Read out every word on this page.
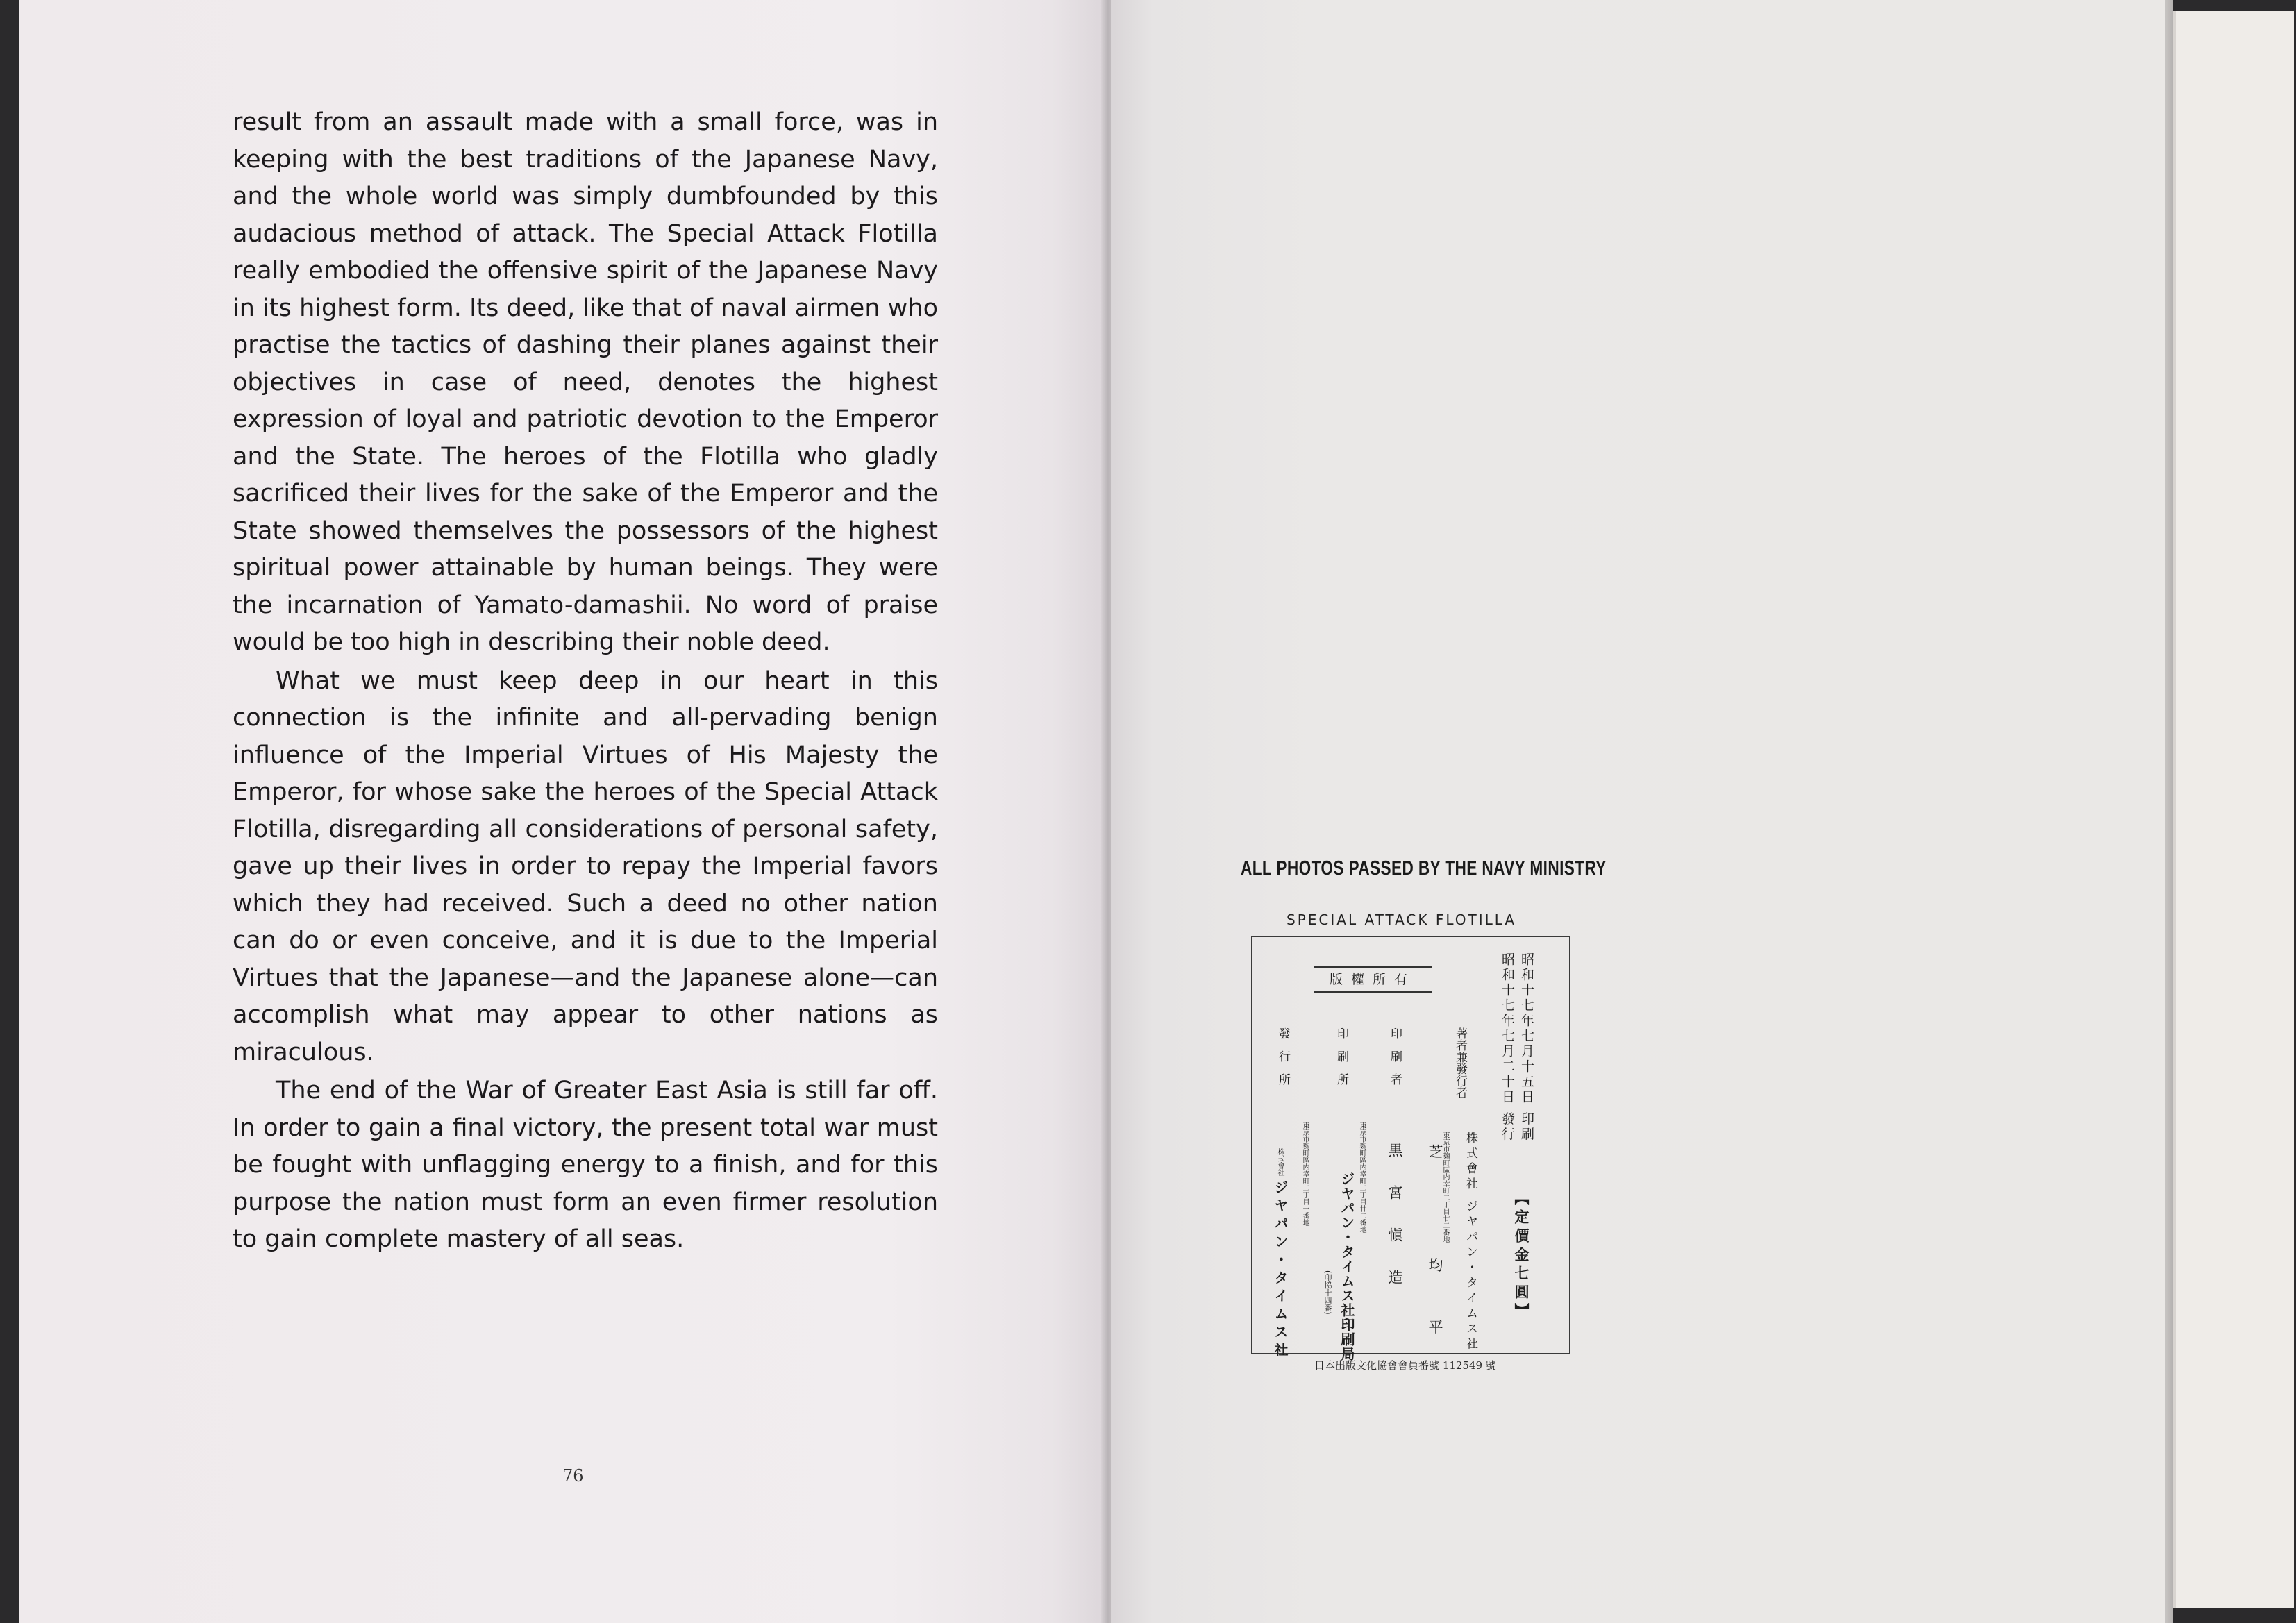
result from an assault made with a small force, was in keeping with the best traditions of the Japanese Navy, and the whole world was simply dumbfounded by this audacious method of attack. The Special Attack Flotilla really embodied the offensive spirit of the Japanese Navy in its highest form. Its deed, like that of naval airmen who practise the tactics of dashing their planes against their objectives in case of need, denotes the highest expression of loyal and patriotic devotion to the Emperor and the State. The heroes of the Flotilla who gladly sacrificed their lives for the sake of the Emperor and the State showed themselves the possessors of the highest spiritual power attainable by human beings. They were the incarnation of Yamato-damashii. No word of praise would be too high in describing their noble deed.

What we must keep deep in our heart in this connection is the infinite and all-pervading benign influence of the Imperial Virtues of His Majesty the Emperor, for whose sake the heroes of the Special Attack Flotilla, disregarding all considerations of personal safety, gave up their lives in order to repay the Imperial favors which they had received. Such a deed no other nation can do or even conceive, and it is due to the Imperial Virtues that the Japanese—and the Japanese alone—can accomplish what may appear to other nations as miraculous.

The end of the War of Greater East Asia is still far off. In order to gain a final victory, the present total war must be fought with unflagging energy to a finish, and for this purpose the nation must form an even firmer resolution to gain complete mastery of all seas.

76
ALL PHOTOS PASSED BY THE NAVY MINISTRY
SPECIAL ATTACK FLOTILLA
昭和十七年七月十五日 印刷
昭和十七年七月二十日 發行
【定價金七圓】
版權所有
著者兼發行者
株式會社 ジヤパン・タイムス社
東京市麹町區内幸町二丁目廿二番地
芝 均平
印刷者
黒宮愼造
印刷所
東京市麹町區内幸町二丁目廿二番地
ジヤパン・タイムス社印刷局
(印協十四番)
發行所
東京市麹町區内幸町二丁目一番地
株式會社
ジヤパン・タイムス社
日本出版文化協會會員番號 112549 號
